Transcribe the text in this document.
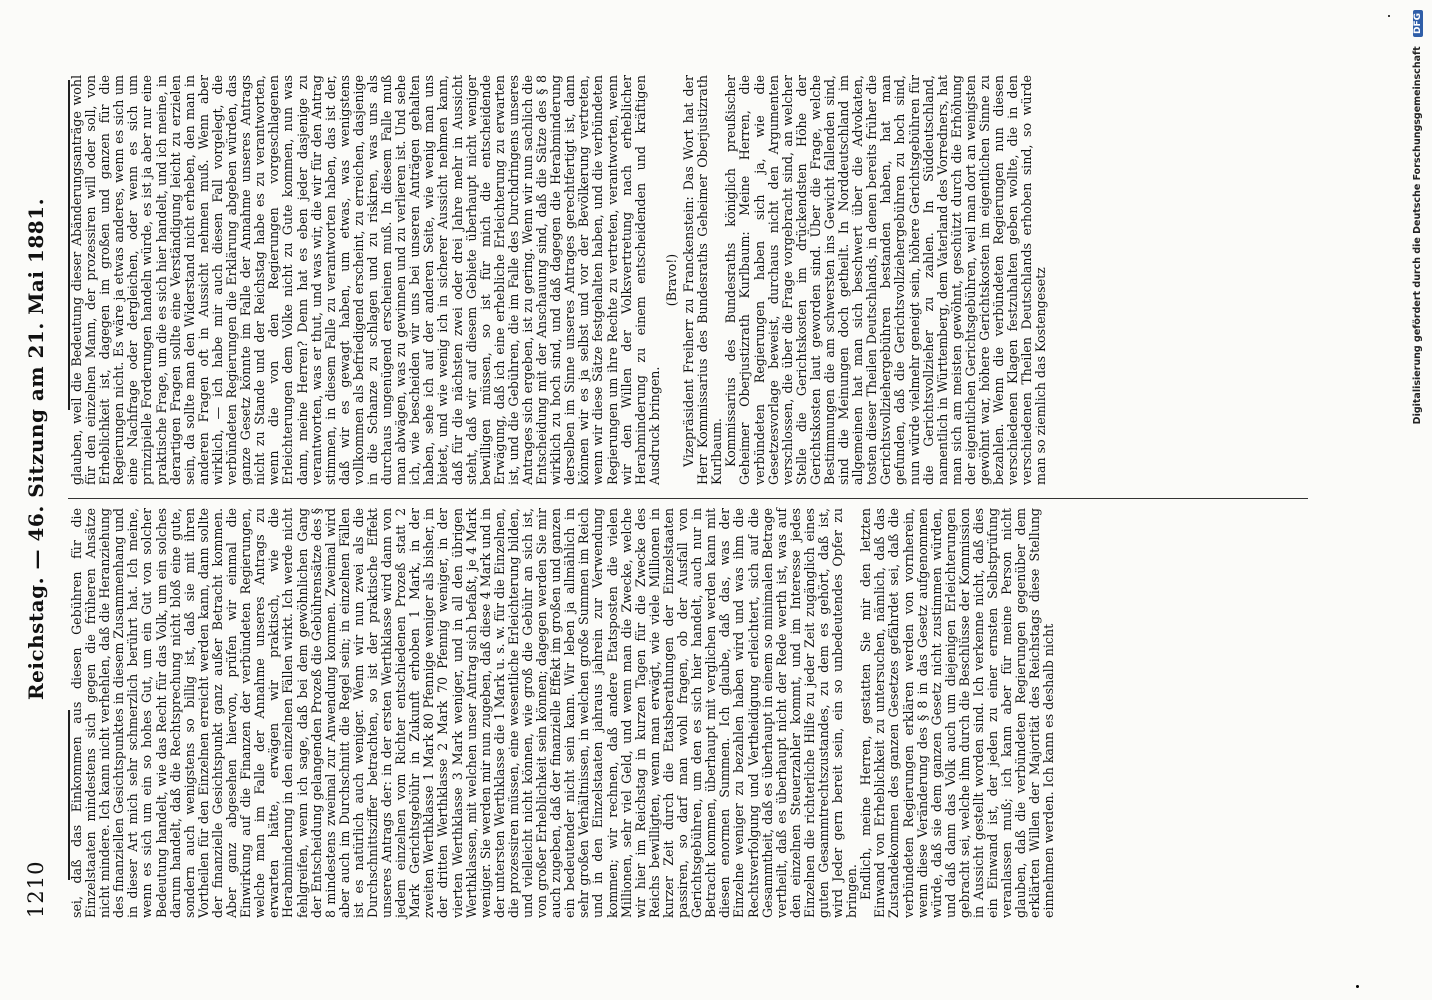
1210
Reichstag. — 46. Sitzung am 21. Mai 1881.

sei, daß das Einkommen aus diesen Gebühren für die Einzelstaaten mindestens sich gegen die früheren Ansätze nicht mindere. Ich kann nicht verhehlen, daß die Heranziehung des finanziellen Gesichtspunktes in diesem Zusammenhang und in dieser Art mich sehr schmerzlich berührt hat. Ich meine, wenn es sich um ein so hohes Gut, um ein Gut von solcher Bedeutung handelt, wie das Recht für das Volk, um ein solches darum handelt, daß die Rechtsprechung nicht bloß eine gute, sondern auch wenigstens so billig ist, daß sie mit ihren Vortheilen für den Einzelnen erreicht werden kann, dann sollte der finanzielle Gesichtspunkt ganz außer Betracht kommen. Aber ganz abgesehen hiervon, prüfen wir einmal die Einwirkung auf die Finanzen der verbündeten Regierungen, welche man im Falle der Annahme unseres Antrags zu erwarten hätte, erwägen wir praktisch, wie die Herabminderung in den einzelnen Fällen wirkt. Ich werde nicht fehlgreifen, wenn ich sage, daß bei dem gewöhnlichen Gang der Entscheidung gelangenden Prozeß die Gebührensätze des § 8 mindestens zweimal zur Anwendung kommen. Zweimal wird aber auch im Durchschnitt die Regel sein; in einzelnen Fällen ist es natürlich auch weniger. Wenn wir nun zwei als die Durchschnittsziffer betrachten, so ist der praktische Effekt unseres Antrags der: in der ersten Werthklasse wird dann von jedem einzelnen vom Richter entschiedenen Prozeß statt 2 Mark Gerichtsgebühr in Zukunft erhoben 1 Mark, in der zweiten Werthklasse 1 Mark 80 Pfennige weniger als bisher, in der dritten Werthklasse 2 Mark 70 Pfennig weniger, in der vierten Werthklasse 3 Mark weniger, und in all den übrigen Werthklassen, mit welchen unser Antrag sich befaßt, je 4 Mark weniger. Sie werden mir nun zugeben, daß diese 4 Mark und in der untersten Werthklasse die 1 Mark u. s. w. für die Einzelnen, die prozessiren müssen, eine wesentliche Erleichterung bilden, und vielleicht nicht können, wie groß die Gebühr an sich ist, von großer Erheblichkeit sein können; dagegen werden Sie mir auch zugeben, daß der finanzielle Effekt im großen und ganzen ein bedeutender nicht sein kann. Wir leben ja allmählich in sehr großen Verhältnissen, in welchen große Summen im Reich und in den Einzelstaaten jahraus jahrein zur Verwendung kommen; wir rechnen, daß andere Etatsposten die vielen Millionen, sehr viel Geld, und wenn man die Zwecke, welche wir hier im Reichstag in kurzen Tagen für die Zwecke des Reichs bewilligten, wenn man erwägt, wie viele Millionen in kurzer Zeit durch die Etatsberathungen der Einzelstaaten passiren, so darf man wohl fragen, ob der Ausfall von Gerichtsgebühren, um den es sich hier handelt, auch nur in Betracht kommen, überhaupt mit verglichen werden kann mit diesen enormen Summen. Ich glaube, daß das, was der Einzelne weniger zu bezahlen haben wird und was ihm die Rechtsverfolgung und Vertheidigung erleichtert, sich auf die Gesammtheit, daß es überhaupt in einem so minimalen Betrage vertheilt, daß es überhaupt nicht der Rede werth ist, was auf den einzelnen Steuerzahler kommt, und im Interesse jedes Einzelnen die richterliche Hilfe zu jeder Zeit zugänglich eines guten Gesammtrechtszustandes, zu dem es gehört, daß ist, wird Jeder gern bereit sein, ein so unbedeutendes Opfer zu bringen. Endlich, meine Herren, gestatten Sie mir den letzten Einwand von Erheblichkeit zu untersuchen, nämlich, daß das Zustandekommen des ganzen Gesetzes gefährdet sei, daß die verbündeten Regierungen erklären werden von vornherein, wenn diese Veränderung des § 8 in das Gesetz aufgenommen würde, daß sie dem ganzen Gesetz nicht zustimmen würden, und daß dann das Volk auch um diejenigen Erleichterungen gebracht sei, welche ihm durch die Beschlüsse der Kommission in Aussicht gestellt worden sind. Ich verkenne nicht, daß dies ein Einwand ist, der jeden zu einer ernsten Selbstprüfung veranlassen muß; ich kann aber für meine Person nicht glauben, daß die verbündeten Regierungen gegenüber dem erklärten Willen der Majorität des Reichstags diese Stellung einnehmen werden. Ich kann es deshalb nicht

glauben, weil die Bedeutung dieser Abänderungsanträge wohl für den einzelnen Mann, der prozessiren will oder soll, von Erheblichkeit ist, dagegen im großen und ganzen für die Regierungen nicht. Es wäre ja etwas anderes, wenn es sich um eine Nachfrage oder dergleichen, oder wenn es sich um prinzipielle Forderungen handeln würde, es ist ja aber nur eine praktische Frage, um die es sich hier handelt, und ich meine, in derartigen Fragen sollte eine Verständigung leicht zu erzielen sein, da sollte man den Widerstand nicht erheben, den man in anderen Fragen oft in Aussicht nehmen muß. Wenn aber wirklich, — ich habe mir auch diesen Fall vorgelegt, die verbündeten Regierungen die Erklärung abgeben würden, das ganze Gesetz könnte im Falle der Annahme unseres Antrags nicht zu Stande und der Reichstag habe es zu verantworten, wenn die von den Regierungen vorgeschlagenen Erleichterungen dem Volke nicht zu Gute kommen, nun was dann, meine Herren? Denn hat es eben jeder dasjenige zu verantworten, was er thut, und was wir, die wir für den Antrag stimmen, in diesem Falle zu verantworten haben, das ist der, daß wir es gewagt haben, um etwas, was wenigstens vollkommen als befriedigend erscheint, zu erreichen, dasjenige in die Schanze zu schlagen und zu riskiren, was uns als durchaus ungenügend erscheinen muß. In diesem Falle muß man abwägen, was zu gewinnen und zu verlieren ist. Und sehe ich, wie bescheiden wir uns bei unseren Anträgen gehalten haben, sehe ich auf der anderen Seite, wie wenig man uns bietet, und wie wenig ich in sicherer Aussicht nehmen kann, daß für die nächsten zwei oder drei Jahre mehr in Aussicht steht, daß wir auf diesem Gebiete überhaupt nicht weniger bewilligen müssen, so ist für mich die entscheidende Erwägung, daß ich eine erhebliche Erleichterung zu erwarten ist, und die Gebühren, die im Falle des Durchdringens unseres Antrages sich ergeben, ist zu gering. Wenn wir nun sachlich die Entscheidung mit der Anschauung sind, daß die Sätze des § 8 wirklich zu hoch sind, und daß dagegen die Herabminderung derselben im Sinne unseres Antrages gerechtfertigt ist, dann können wir es ja selbst und vor der Bevölkerung vertreten, wenn wir diese Sätze festgehalten haben, und die verbündeten Regierungen um ihre Rechte zu vertreten, verantworten, wenn wir den Willen der Volksvertretung nach erheblicher Herabminderung zu einem entscheidenden und kräftigen Ausdruck bringen.

(Bravo!) Vizepräsident Freiherr zu Franckenstein: Das Wort hat der Herr Kommissarius des Bundesraths Geheimer Oberjustizrath Kurlbaum. Kommissarius des Bundesraths königlich preußischer Geheimer Oberjustizrath Kurlbaum: Meine Herren, die verbündeten Regierungen haben sich ja, wie die Gesetzesvorlage beweist, durchaus nicht den Argumenten verschlossen, die über die Frage vorgebracht sind, an welcher Stelle die Gerichtskosten im drückendsten Höhe der Gerichtskosten laut geworden sind. Über die Frage, welche Bestimmungen die am schwersten ins Gewicht fallenden sind, sind die Meinungen doch getheilt. In Norddeutschland im allgemeinen hat man sich beschwert über die Advokaten, tosten dieser Theilen Deutschlands, in denen bereits früher die Gerichtsvollziehergebühren bestanden haben, hat man gefunden, daß die Gerichtsvollziehergebühren zu hoch sind, nun würde vielmehr geneigt sein, höhere Gerichtsgebühren für die Gerichtsvollzieher zu zahlen. In Süddeutschland, namentlich in Württemberg, dem Vaterland des Vorredners, hat man sich am meisten gewöhnt, geschützt durch die Erhöhung der eigentlichen Gerichtsgebühren, weil man dort an wenigsten gewöhnt war, höhere Gerichtskosten im eigentlichen Sinne zu bezahlen. Wenn die verbündeten Regierungen nun diesen verschiedenen Klagen festzuhalten geben wollte, die in den verschiedenen Theilen Deutschlands erhoben sind, so würde man so ziemlich das Kostengesetz	Digitalisierung gefördert durch die Deutsche Forschungsgemeinschaft DFG
